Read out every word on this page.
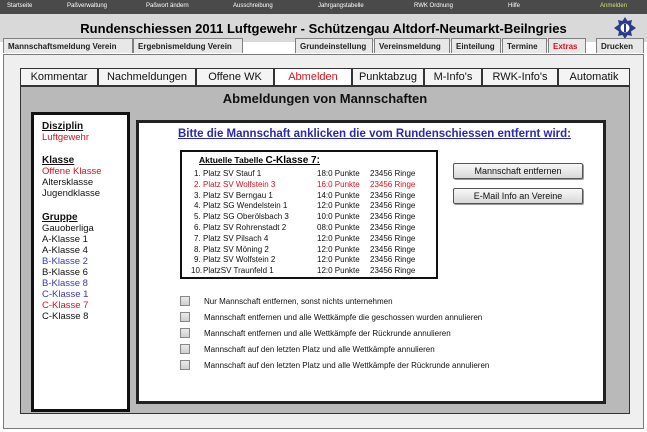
Startseite	Paßverwaltung	Paßwort ändern	Ausschreibung	Jahrgangstabelle	RWK Ordnung	Hilfe	Anmelden
Rundenschiessen 2011 Luftgewehr - Schützengau Altdorf-Neumarkt-Beilngries
Mannschaftsmeldung Verein	Ergebnismeldung Verein	Grundeinstellung	Vereinsmeldung	Einteilung	Termine	Extras	Drucken
Kommentar	Nachmeldungen	Offene WK	Abmelden	Punktabzug	M-Info's	RWK-Info's	Automatik
Abmeldungen von Mannschaften
Disziplin
Luftgewehr
Klasse
Offene Klasse
Altersklasse
Jugendklasse
Gruppe
Gauoberliga
A-Klasse 1
A-Klasse 4
B-Klasse 2
B-Klasse 6
B-Klasse 8
C-Klasse 1
C-Klasse 7
C-Klasse 8
Bitte die Mannschaft anklicken die vom Rundenschiessen entfernt wird:
Aktuelle Tabelle C-Klasse 7:
1. Platz SV Stauf 1	18:0 Punkte 23456 Ringe
2. Platz SV Wolfstein 3	16:0 Punkte 23456 Ringe
3. Platz SV Berngau 1	14:0 Punkte 23456 Ringe
4. Platz SG Wendelstein 1	12:0 Punkte 23456 Ringe
5. Platz SG Oberölsbach 3	10:0 Punkte 23456 Ringe
6. Platz SV Rohrenstadt 2	08:0 Punkte 23456 Ringe
7. Platz SV Pilsach 4	12:0 Punkte 23456 Ringe
8. Platz SV Möning 2	12:0 Punkte 23456 Ringe
9. Platz SV Wolfstein 2	12:0 Punkte 23456 Ringe
10. PlatzSV Traunfeld 1	12:0 Punkte 23456 Ringe
Mannschaft entfernen
E-Mail Info an Vereine
Nur Mannschaft entfernen, sonst nichts unternehmen
Mannschaft entfernen und alle Wettkämpfe die geschossen wurden annulieren
Mannschaft entfernen und alle Wettkämpfe der Rückrunde annulieren
Mannschaft auf den letzten Platz und alle Wettkämpfe annulieren
Mannschaft auf den letzten Platz und alle Wettkämpfe der Rückrunde annulieren
